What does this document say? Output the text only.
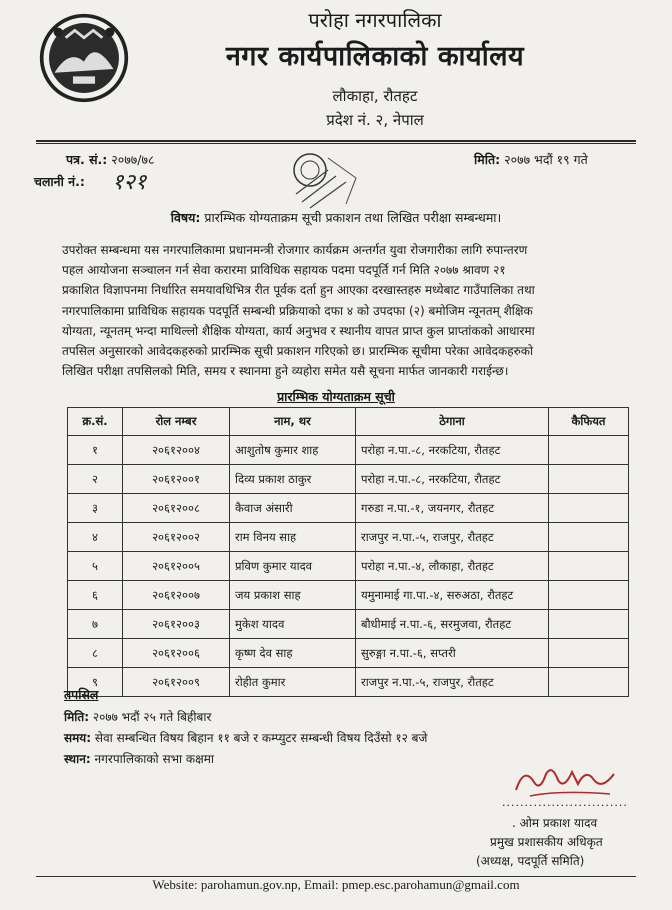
परोहा नगरपालिका
नगर कार्यपालिकाको कार्यालय
लौकाहा, रौतहट
प्रदेश नं. २, नेपाल
पत्र. सं.: २०७७/७८
चलानी नं.: १२१
मिति: २०७७ भदौं १९ गते
विषय: प्रारम्भिक योग्यताक्रम सूची प्रकाशन तथा लिखित परीक्षा सम्बन्धमा।
उपरोक्त सम्बन्धमा यस नगरपालिकामा प्रधानमन्त्री रोजगार कार्यक्रम अन्तर्गत युवा रोजगारीका लागि रुपान्तरण
पहल आयोजना सञ्चालन गर्न सेवा करारमा प्राविधिक सहायक पदमा पदपूर्ति गर्न मिति २०७७ श्रावण २१
प्रकाशित विज्ञापनमा निर्धारित समयावधिभित्र रीत पूर्वक दर्ता हुन आएका दरखास्तहरु मध्येबाट गाउँपालिका तथा
नगरपालिकामा प्राविधिक सहायक पदपूर्ति सम्बन्धी प्रक्रियाको दफा ४ को उपदफा (२) बमोजिम न्यूनतम् शैक्षिक
योग्यता, न्यूनतम् भन्दा माथिल्लो शैक्षिक योग्यता, कार्य अनुभव र स्थानीय वापत प्राप्त कुल प्राप्तांकको आधारमा
तपसिल अनुसारको आवेदकहरुको प्रारम्भिक सूची प्रकाशन गरिएको छ। प्रारम्भिक सूचीमा परेका आवेदकहरुको
लिखित परीक्षा तपसिलको मिति, समय र स्थानमा हुने व्यहोरा समेत यसै सूचना मार्फत जानकारी गराईन्छ।
प्रारम्भिक योग्यताक्रम सूची
क्र.सं.	रोल नम्बर	नाम, थर	ठेगाना	कैफियत
१	२०६१२००४	आशुतोष कुमार शाह	परोहा न.पा.-८, नरकटिया, रौतहट	
२	२०६१२००१	दिव्य प्रकाश ठाकुर	परोहा न.पा.-८, नरकटिया, रौतहट	
३	२०६१२००८	कैवाज अंसारी	गरुडा न.पा.-१, जयनगर, रौतहट	
४	२०६१२००२	राम विनय साह	राजपुर न.पा.-५, राजपुर, रौतहट	
५	२०६१२००५	प्रविण कुमार यादव	परोहा न.पा.-४, लौकाहा, रौतहट	
६	२०६१२००७	जय प्रकाश साह	यमुनामाई गा.पा.-४, सरुअठा, रौतहट	
७	२०६१२००३	मुकेश यादव	बौधीमाई न.पा.-६, सरमुजवा, रौतहट	
८	२०६१२००६	कृष्ण देव साह	सुरुङ्गा न.पा.-६, सप्तरी	
९	२०६१२००९	रोहीत कुमार	राजपुर न.पा.-५, राजपुर, रौतहट	
तपसिल
मिति: २०७७ भदौं २५ गते बिहीबार
समय: सेवा सम्बन्धित विषय बिहान ११ बजे र कम्प्युटर सम्बन्धी विषय दिउँसो १२ बजे
स्थान: नगरपालिकाको सभा कक्षमा
............................
. ओम प्रकाश यादव
प्रमुख प्रशासकीय अधिकृत
(अध्यक्ष, पदपूर्ति समिति)
Website: parohamun.gov.np, Email: pmep.esc.parohamun@gmail.com
